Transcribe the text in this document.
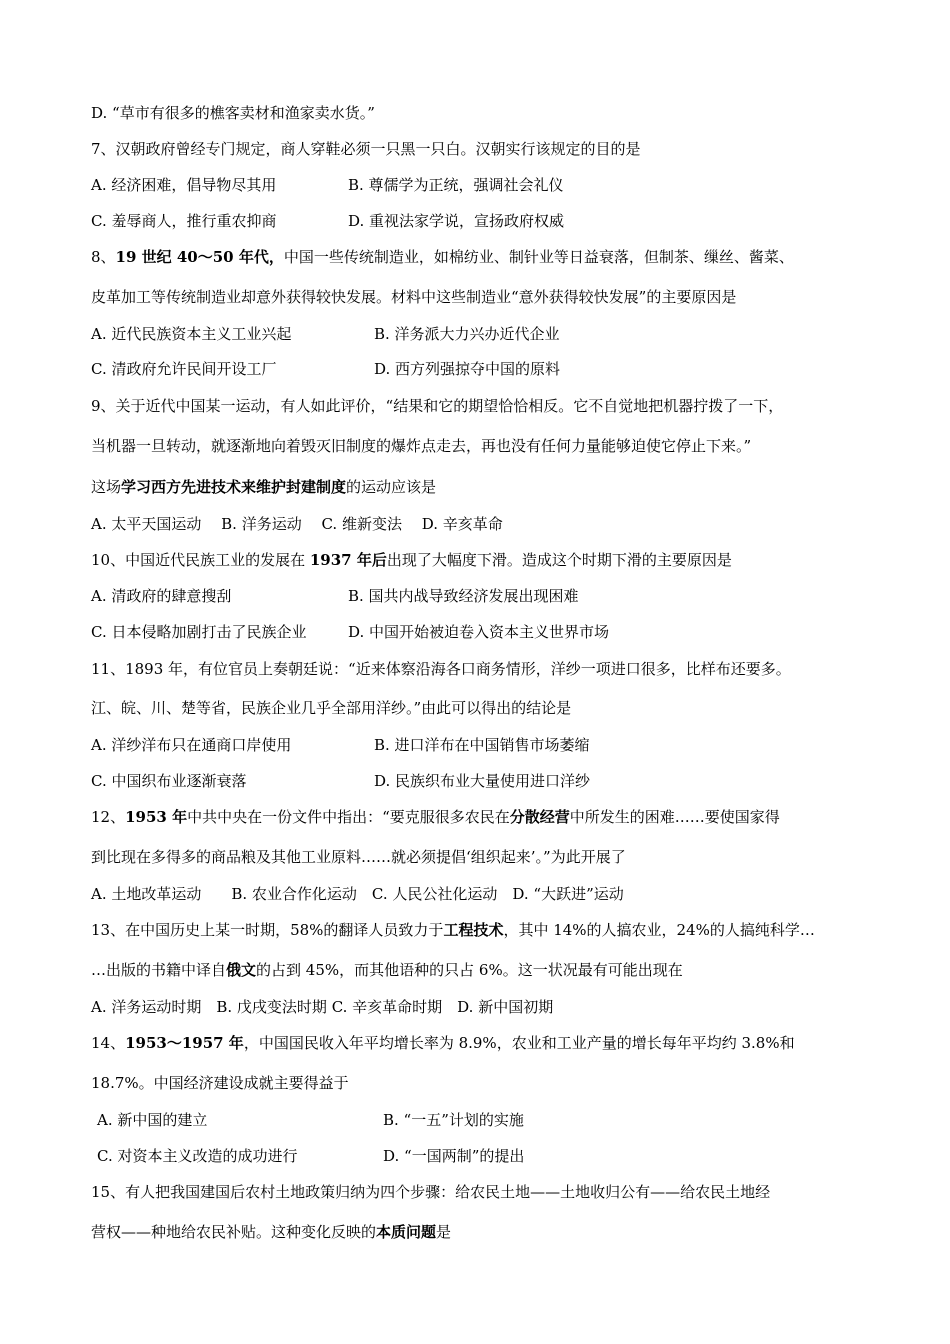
D. “草市有很多的樵客卖材和渔家卖水货。”
7、汉朝政府曾经专门规定，商人穿鞋必须一只黑一只白。汉朝实行该规定的目的是
A. 经济困难，倡导物尽其用	B. 尊儒学为正统，强调社会礼仪
C. 羞辱商人，推行重农抑商	D. 重视法家学说，宣扬政府权威
8、19 世纪 40～50 年代，中国一些传统制造业，如棉纺业、制针业等日益衰落，但制茶、缫丝、酱菜、
皮革加工等传统制造业却意外获得较快发展。材料中这些制造业“意外获得较快发展”的主要原因是
A. 近代民族资本主义工业兴起	B. 洋务派大力兴办近代企业
C. 清政府允许民间开设工厂	D. 西方列强掠夺中国的原料
9、关于近代中国某一运动，有人如此评价，“结果和它的期望恰恰相反。它不自觉地把机器拧拨了一下，
当机器一旦转动，就逐渐地向着毁灭旧制度的爆炸点走去，再也没有任何力量能够迫使它停止下来。”
这场学习西方先进技术来维护封建制度的运动应该是
A. 太平天国运动　 B. 洋务运动　 C. 维新变法　 D. 辛亥革命
10、中国近代民族工业的发展在 1937 年后出现了大幅度下滑。造成这个时期下滑的主要原因是
A. 清政府的肆意搜刮	B. 国共内战导致经济发展出现困难
C. 日本侵略加剧打击了民族企业	D. 中国开始被迫卷入资本主义世界市场
11、1893 年，有位官员上奏朝廷说：“近来体察沿海各口商务情形，洋纱一项进口很多，比样布还要多。
江、皖、川、楚等省，民族企业几乎全部用洋纱。”由此可以得出的结论是
A. 洋纱洋布只在通商口岸使用	B. 进口洋布在中国销售市场萎缩
C. 中国织布业逐渐衰落	D. 民族织布业大量使用进口洋纱
12、1953 年中共中央在一份文件中指出：“要克服很多农民在分散经营中所发生的困难……要使国家得
到比现在多得多的商品粮及其他工业原料……就必须提倡‘组织起来’。”为此开展了
A. 土地改革运动　　B. 农业合作化运动　C. 人民公社化运动　D. “大跃进”运动
13、在中国历史上某一时期，58%的翻译人员致力于工程技术，其中 14%的人搞农业，24%的人搞纯科学…
…出版的书籍中译自俄文的占到 45%，而其他语种的只占 6%。这一状况最有可能出现在
A. 洋务运动时期　B. 戊戌变法时期 C. 辛亥革命时期　D. 新中国初期
14、1953～1957 年，中国国民收入年平均增长率为 8.9%，农业和工业产量的增长每年平均约 3.8%和
18.7%。中国经济建设成就主要得益于
A. 新中国的建立	B. “一五”计划的实施
C. 对资本主义改造的成功进行	D. “一国两制”的提出
15、有人把我国建国后农村土地政策归纳为四个步骤：给农民土地——土地收归公有——给农民土地经
营权——种地给农民补贴。这种变化反映的本质问题是
